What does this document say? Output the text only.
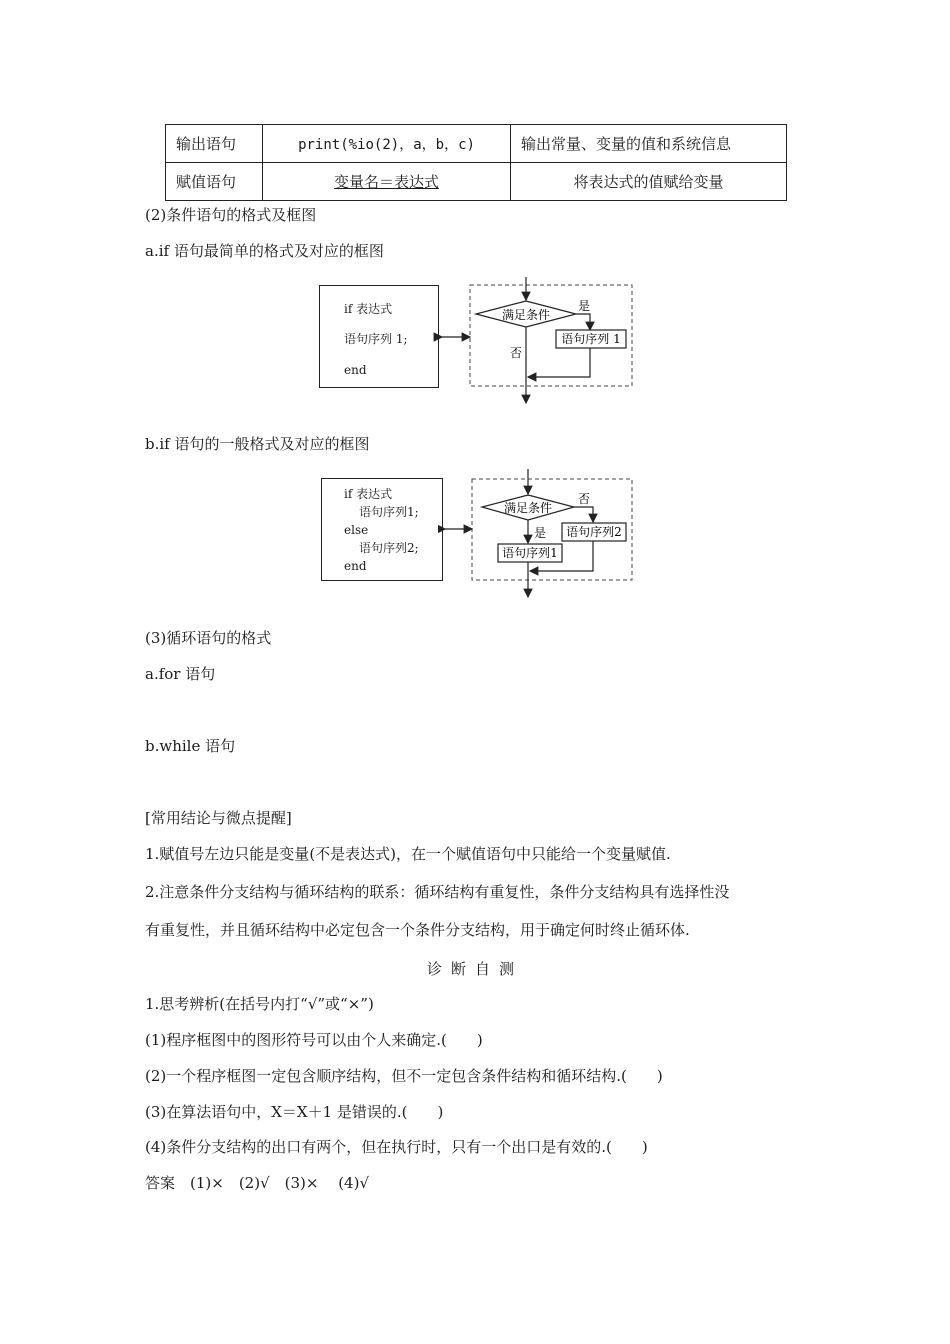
输出语句	print(%io(2)，a，b，c)	输出常量、变量的值和系统信息
赋值语句	变量名＝表达式	将表达式的值赋给变量
(2)条件语句的格式及框图
a.if 语句最简单的格式及对应的框图
if 表达式
语句序列 1;
end
满足条件
是
语句序列 1
否
b.if 语句的一般格式及对应的框图
if 表达式
语句序列1;
else
语句序列2;
end
满足条件
否
语句序列2
是
语句序列1
(3)循环语句的格式
a.for 语句
b.while 语句
[常用结论与微点提醒]
1.赋值号左边只能是变量(不是表达式)，在一个赋值语句中只能给一个变量赋值.
2.注意条件分支结构与循环结构的联系：循环结构有重复性，条件分支结构具有选择性没
有重复性，并且循环结构中必定包含一个条件分支结构，用于确定何时终止循环体.
诊断自测
1.思考辨析(在括号内打“√”或“×”)
(1)程序框图中的图形符号可以由个人来确定.(　　)
(2)一个程序框图一定包含顺序结构，但不一定包含条件结构和循环结构.(　　)
(3)在算法语句中，X＝X＋1 是错误的.(　　)
(4)条件分支结构的出口有两个，但在执行时，只有一个出口是有效的.(　　)
答案　(1)×　(2)√　(3)×　 (4)√
